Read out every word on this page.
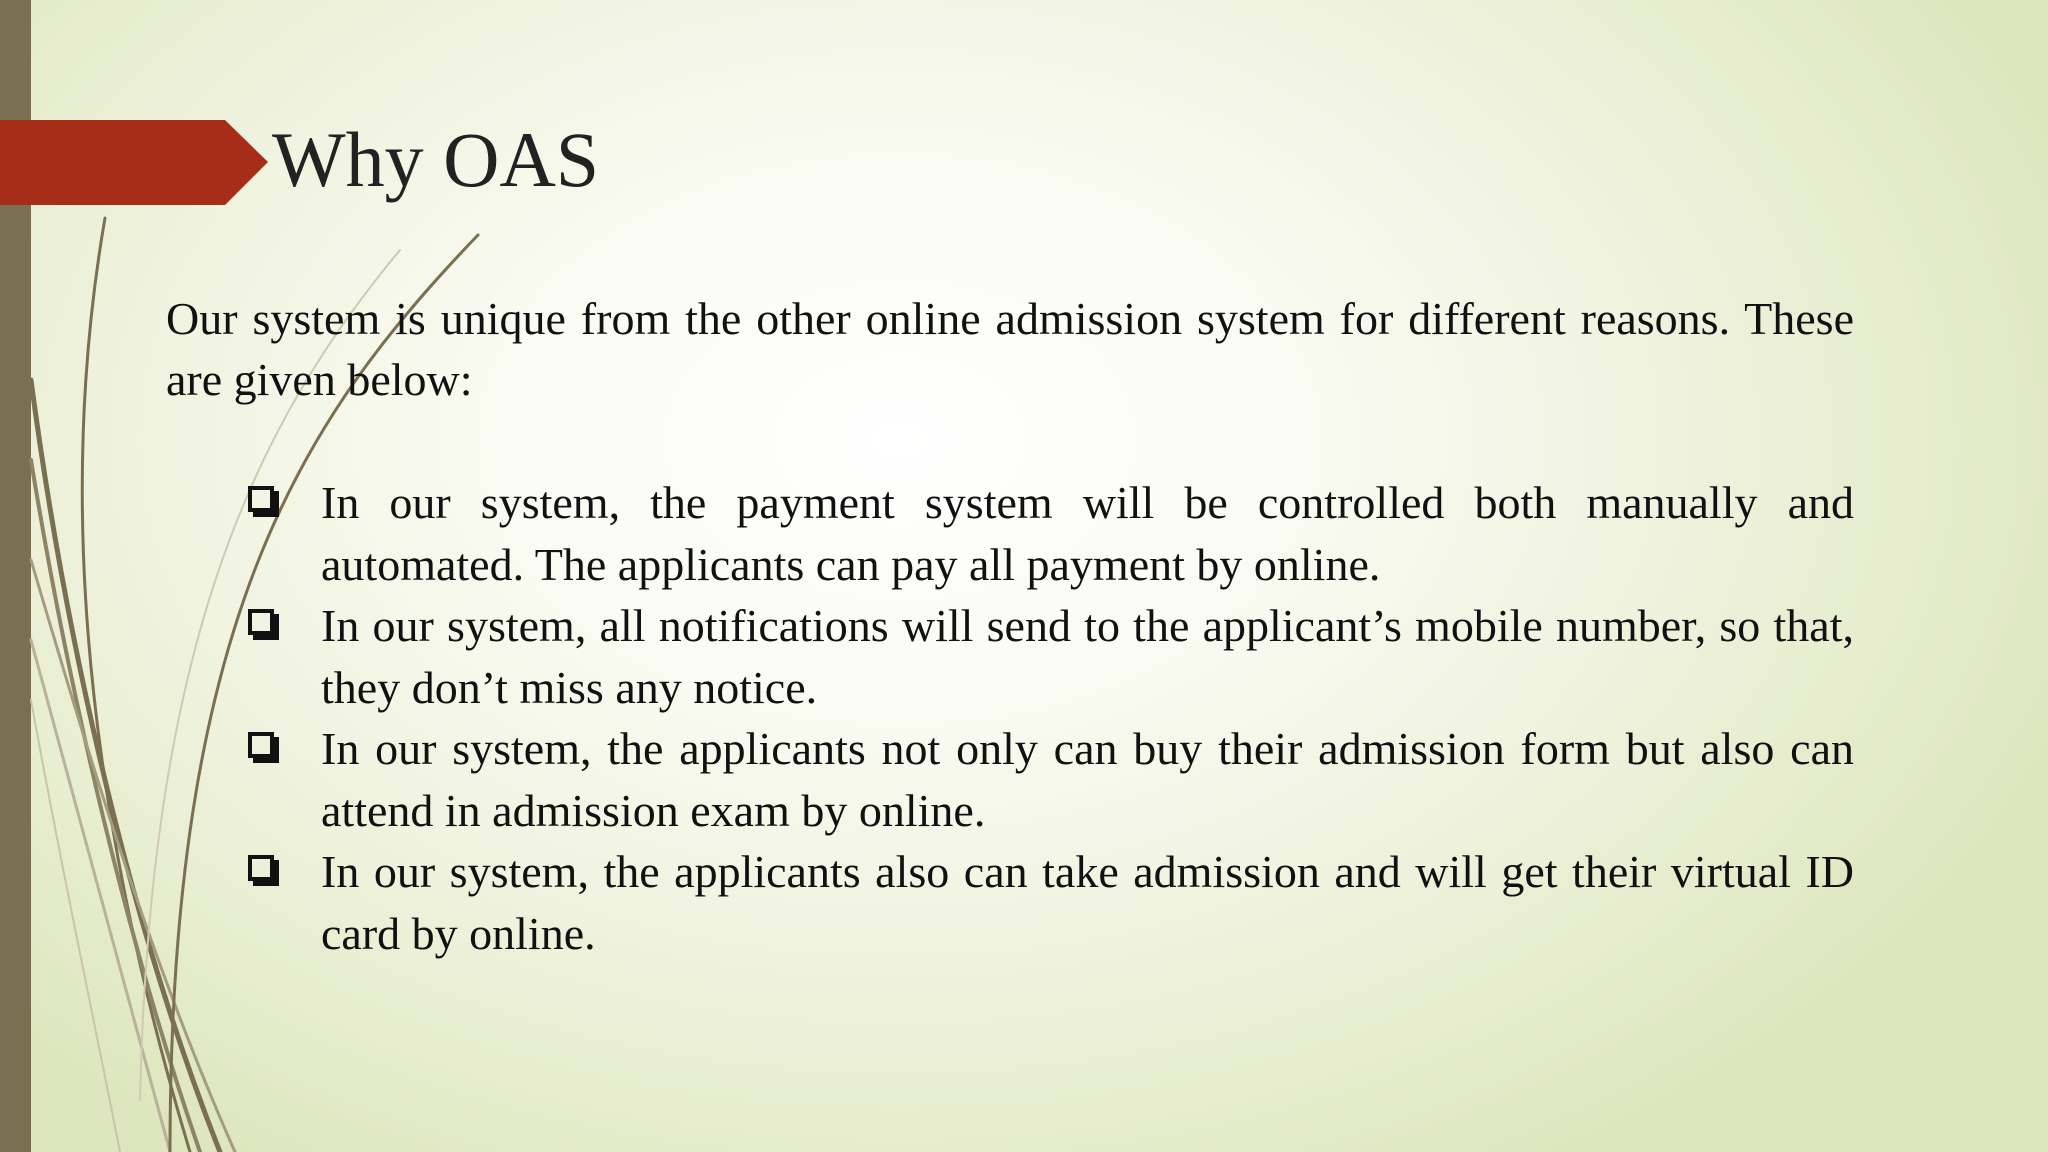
Why OAS

Our system is unique from the other online admission system for different reasons. These are given below:

In our system, the payment system will be controlled both manually and automated. The applicants can pay all payment by online.
In our system, all notifications will send to the applicant’s mobile number, so that, they don’t miss any notice.
In our system, the applicants not only can buy their admission form but also can attend in admission exam by online.
In our system, the applicants also can take admission and will get their virtual ID card by online.
